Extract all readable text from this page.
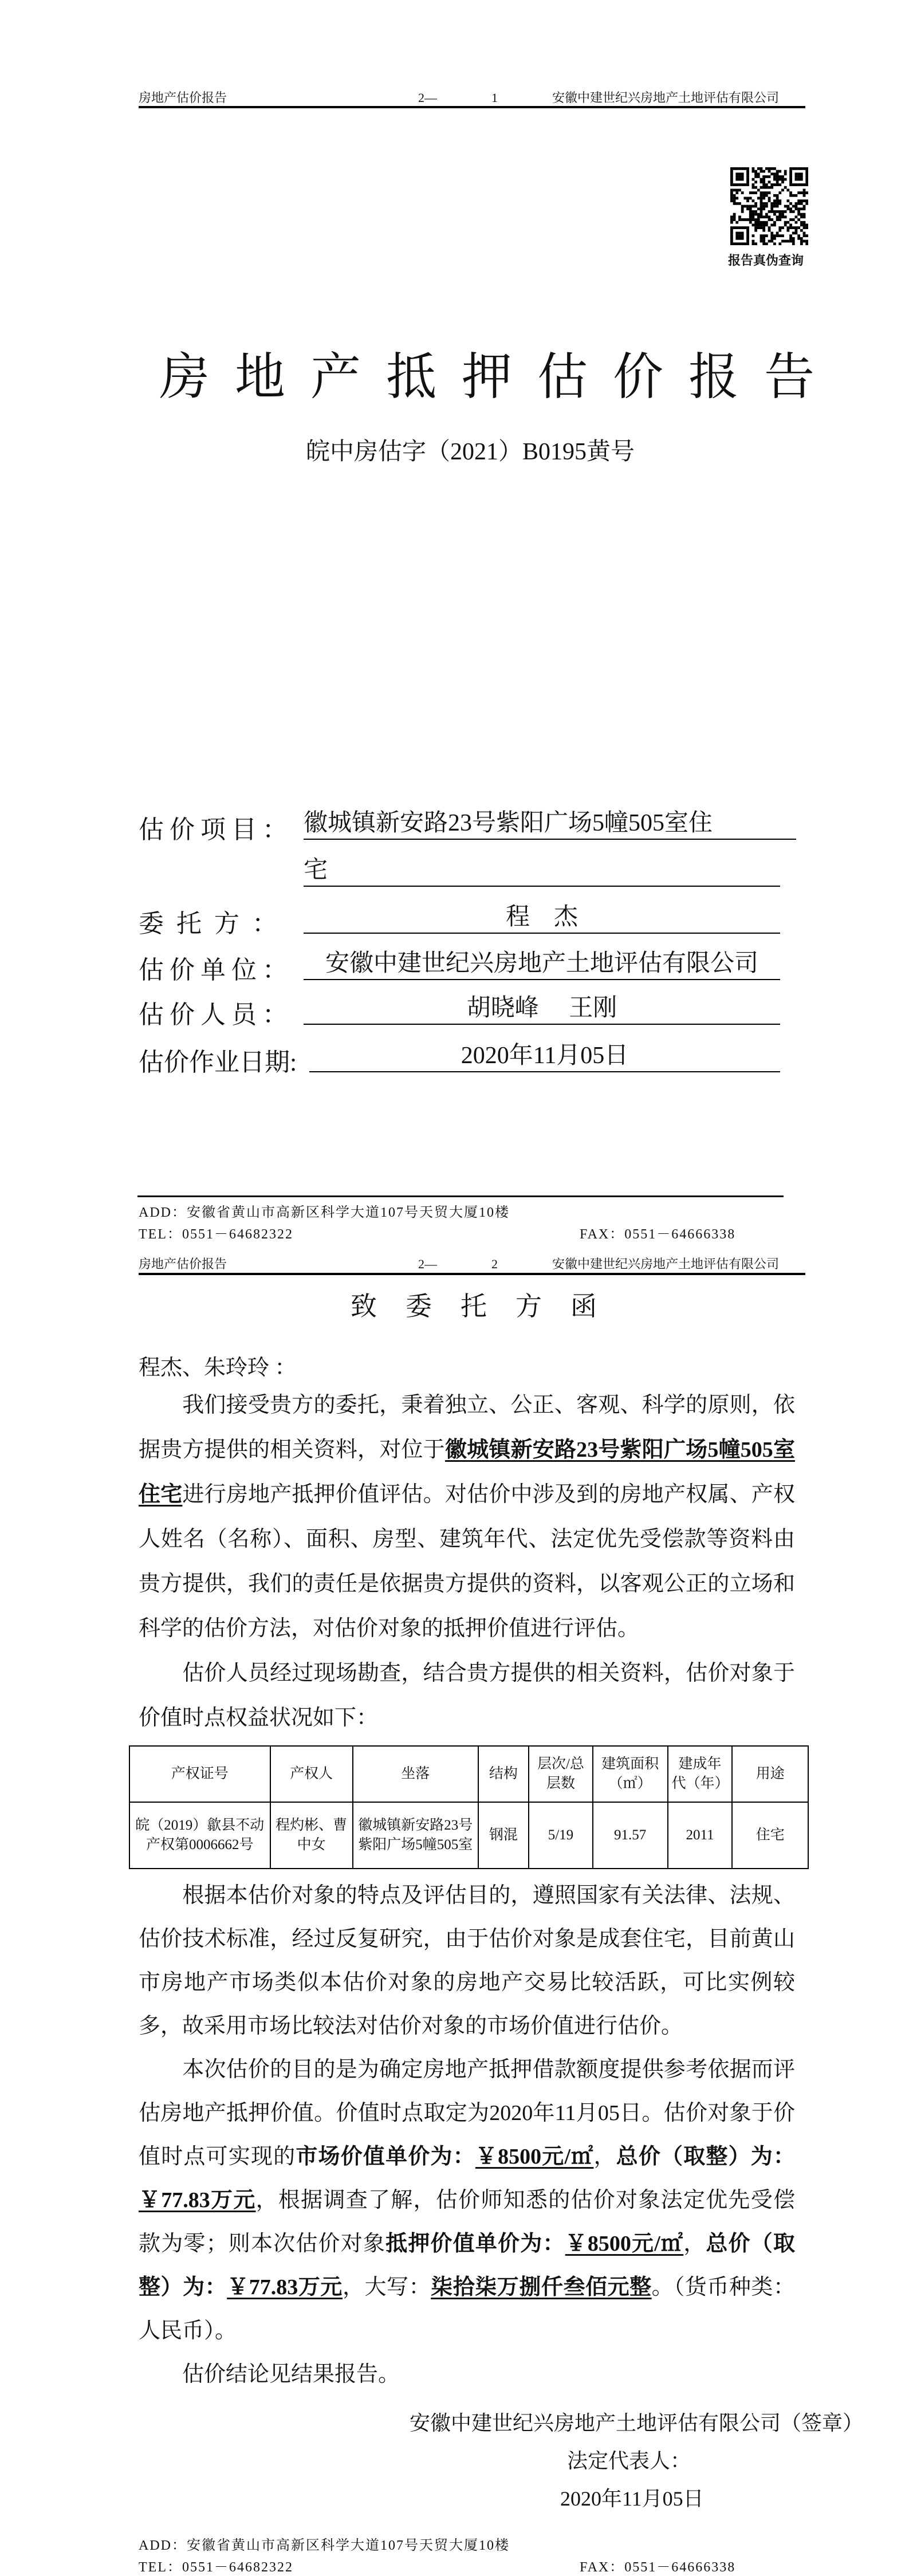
房地产估价报告	2—	1	安徽中建世纪兴房地产土地评估有限公司
报告真伪查询
房地产抵押估价报告
皖中房估字（2021）B0195黄号
估价项目： 徽城镇新安路23号紫阳广场5幢505室住
宅
委托方：	程　杰
估价单位：	安徽中建世纪兴房地产土地评估有限公司
估价人员：	胡晓峰　 王刚
估价作业日期:	2020年11月05日
ADD：安徽省黄山市高新区科学大道107号天贸大厦10楼
TEL：0551－64682322	FAX：0551－64666338
房地产估价报告	2—	2	安徽中建世纪兴房地产土地评估有限公司
致委托方函
程杰、朱玲玲 ：
我们接受贵方的委托，秉着独立、公正、客观、科学的原则，依据贵方提供的相关资料，对位于徽城镇新安路23号紫阳广场5幢505室住宅进行房地产抵押价值评估。对估价中涉及到的房地产权属、产权人姓名（名称）、面积、房型、建筑年代、法定优先受偿款等资料由贵方提供，我们的责任是依据贵方提供的资料，以客观公正的立场和科学的估价方法，对估价对象的抵押价值进行评估。
估价人员经过现场勘查，结合贵方提供的相关资料，估价对象于价值时点权益状况如下：
产权证号	产权人	坐落	结构	层次/总层数	建筑面积（㎡）	建成年代（年）	用途
皖（2019）歙县不动产权第0006662号	程灼彬、曹中女	徽城镇新安路23号紫阳广场5幢505室	钢混	5/19	91.57	2011	住宅
根据本估价对象的特点及评估目的，遵照国家有关法律、法规、估价技术标准，经过反复研究，由于估价对象是成套住宅，目前黄山市房地产市场类似本估价对象的房地产交易比较活跃，可比实例较多，故采用市场比较法对估价对象的市场价值进行估价。
本次估价的目的是为确定房地产抵押借款额度提供参考依据而评估房地产抵押价值。价值时点取定为2020年11月05日。估价对象于价值时点可实现的市场价值单价为：￥8500元/㎡，总价（取整）为：￥77.83万元，根据调查了解，估价师知悉的估价对象法定优先受偿款为零；则本次估价对象抵押价值单价为：￥8500元/㎡，总价（取整）为：￥77.83万元，大写：柒拾柒万捌仟叁佰元整。（货币种类：人民币）。
估价结论见结果报告。
安徽中建世纪兴房地产土地评估有限公司（签章）
法定代表人：
2020年11月05日
ADD：安徽省黄山市高新区科学大道107号天贸大厦10楼
TEL：0551－64682322	FAX：0551－64666338
